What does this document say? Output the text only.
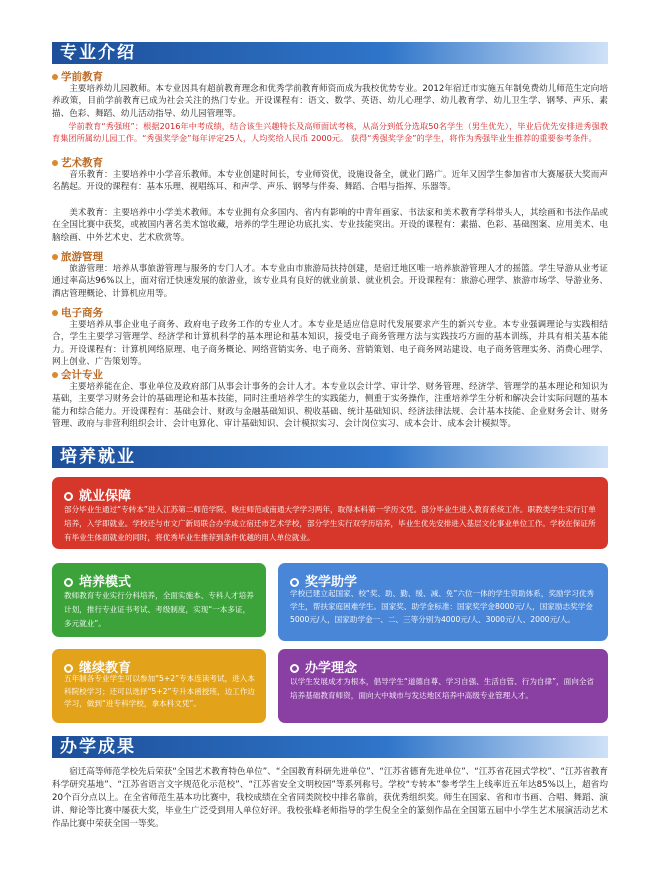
专业介绍
学前教育
主要培养幼儿园教师。本专业因具有超前教育理念和优秀学前教育师资而成为我校优势专业。2012年宿迁市实施五年制免费幼儿师范生定向培养政策，目前学前教育已成为社会关注的热门专业。开设课程有：语文、数学、英语、幼儿心理学、幼儿教育学、幼儿卫生学、钢琴、声乐、素描、色彩、舞蹈、幼儿活动指导、幼儿园管理等。
学前教育“秀强班”：根据2016年中考成绩，结合该生兴趣特长及高师面试考核，从高分到低分选取50名学生（男生优先），毕业后优先安排进秀强教育集团所属幼儿园工作。“秀强奖学金”每年评定25人，人均奖给人民币 2000元。 获得“秀强奖学金”的学生，将作为秀强毕业生推荐的重要参考条件。
艺术教育
音乐教育：主要培养中小学音乐教师。本专业创建时间长，专业师资优，设施设备全，就业门路广。近年又因学生参加省市大赛屡获大奖而声名鹊起。开设的课程有：基本乐理、视唱练耳、和声学、声乐、钢琴与伴奏、舞蹈、合唱与指挥、乐器等。
美术教育：主要培养中小学美术教师。本专业拥有众多国内、省内有影响的中青年画家、书法家和美术教育学科带头人，其绘画和书法作品或在全国比赛中获奖，或被国内著名美术馆收藏，培养的学生理论功底扎实、专业技能突出。开设的课程有：素描、色彩、基础图案、应用美术、电脑绘画、中外艺术史、艺术欣赏等。
旅游管理
旅游管理：培养从事旅游管理与服务的专门人才。本专业由市旅游局扶持创建，是宿迁地区唯一培养旅游管理人才的摇篮。学生导游从业考证通过率高达96%以上，面对宿迁快速发展的旅游业，该专业具有良好的就业前景、就业机会。开设课程有：旅游心理学、旅游市场学、导游业务、酒店管理概论、计算机应用等。
电子商务
主要培养从事企业电子商务、政府电子政务工作的专业人才。本专业是适应信息时代发展要求产生的新兴专业。本专业强调理论与实践相结合，学生主要学习管理学、经济学和计算机科学的基本理论和基本知识，接受电子商务管理方法与实践技巧方面的基本训练，并具有相关基本能力。开设课程有：计算机网络原理、电子商务概论、网络营销实务、电子商务、营销策划、电子商务网站建设、电子商务管理实务、消费心理学、网上创业、广告策划等。
会计专业
主要培养能在企、事业单位及政府部门从事会计事务的会计人才。本专业以会计学、审计学、财务管理、经济学、管理学的基本理论和知识为基础，主要学习财务会计的基础理论和基本技能，同时注重培养学生的实践能力，侧重于实务操作，注重培养学生分析和解决会计实际问题的基本能力和综合能力。开设课程有：基础会计、财政与金融基础知识、税收基础、统计基础知识、经济法律法规、会计基本技能、企业财务会计、财务管理、政府与非营利组织会计、会计电算化、审计基础知识、会计模拟实习、会计岗位实习、成本会计、成本会计模拟等。
培养就业
就业保障
部分毕业生通过“专转本”进入江苏第二师范学院、晓庄师范或南通大学学习两年，取得本科第一学历文凭。部分毕业生进入教育系统工作。职教类学生实行订单培养，入学即就业。学校还与市文广新局联合办学成立宿迁市艺术学校，部分学生实行双学历培养，毕业生优先安排进入基层文化事业单位工作。学校在保证所有毕业生体面就业的同时，将优秀毕业生推荐到条件优越的用人单位就业。
培养模式
教师教育专业实行分科培养，全面实施本、专科人才培养计划，推行专业证书考试、考级制度，实现“一本多证，多元就业”。
奖学助学
学校已建立起国家、校“奖、助、勤、缓、减、免”六位一体的学生资助体系，奖励学习优秀学生，帮扶家庭困难学生。国家奖、助学金标准：国家奖学金8000元/人，国家励志奖学金5000元/人，国家助学金一、二、三等分别为4000元/人、3000元/人、2000元/人。
继续教育
五年制各专业学生可以参加“5+2”专本连读考试，进入本科院校学习；还可以选择“5+2”专升本函授班，边工作边学习，做到“进专科学校，拿本科文凭”。
办学理念
以学生发展成才为根本，倡导学生“道德自尊、学习自强、生活自管、行为自律”，面向全省培养基础教育师资，面向大中城市与发达地区培养中高级专业管理人才。
办学成果
宿迁高等师范学校先后荣获“全国艺术教育特色单位”、“全国教育科研先进单位”、“江苏省德育先进单位”、“江苏省花园式学校”、“江苏省教育科学研究基地”、“江苏省语言文字规范化示范校”、“江苏省安全文明校园”等系列称号。学校“专转本”参考学生上线率近五年达85%以上，超省均20个百分点以上。在全省师范生基本功比赛中，我校成绩在全省同类院校中排名靠前，获优秀组织奖。师生在国家、省和市书画、合唱、舞蹈、演讲、辩论等比赛中屡获大奖，毕业生广泛受到用人单位好评。我校张峰老师指导的学生倪全全的篆刻作品在全国第五届中小学生艺术展演活动艺术作品比赛中荣获全国一等奖。
